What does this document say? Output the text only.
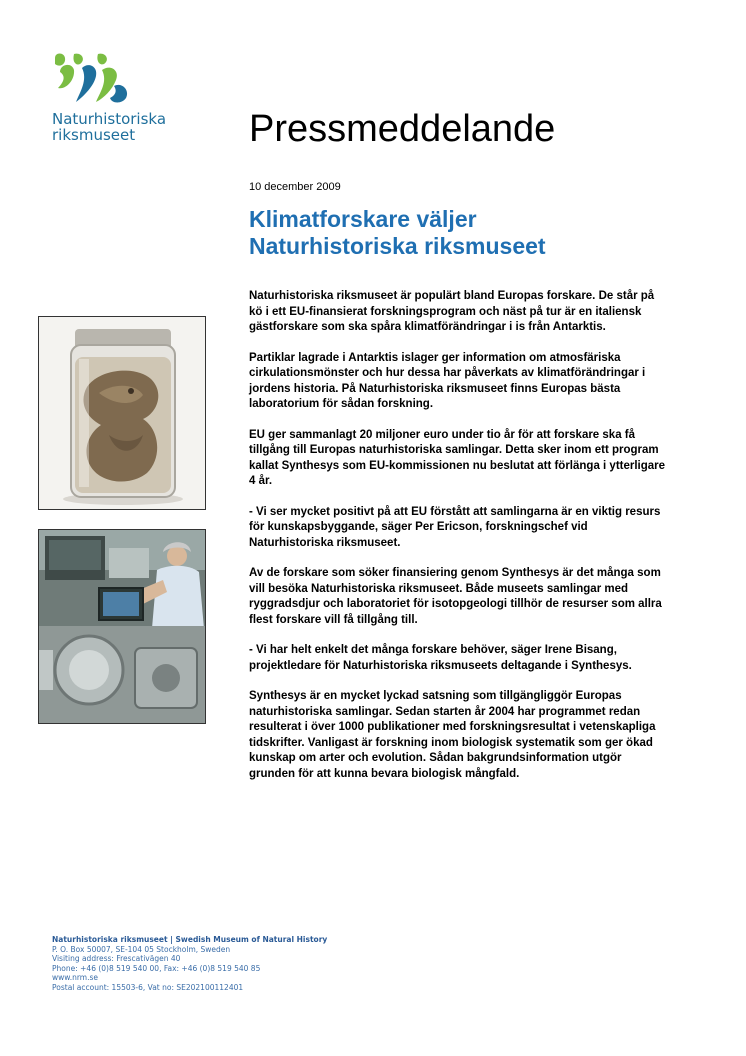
Naturhistoriska
riksmuseet	Pressmeddelande
10 december 2009
Klimatforskare väljer
Naturhistoriska riksmuseet

Naturhistoriska riksmuseet är populärt bland Europas forskare. De står på kö i ett EU-finansierat forskningsprogram och näst på tur är en italiensk gästforskare som ska spåra klimatförändringar i is från Antarktis.

Partiklar lagrade i Antarktis islager ger information om atmosfäriska cirkulationsmönster och hur dessa har påverkats av klimatförändringar i jordens historia. På Naturhistoriska riksmuseet finns Europas bästa laboratorium för sådan forskning.

EU ger sammanlagt 20 miljoner euro under tio år för att forskare ska få tillgång till Europas naturhistoriska samlingar. Detta sker inom ett program kallat Synthesys som EU-kommissionen nu beslutat att förlänga i ytterligare 4 år.

- Vi ser mycket positivt på att EU förstått att samlingarna är en viktig resurs för kunskapsbyggande, säger Per Ericson, forskningschef vid Naturhistoriska riksmuseet.

Av de forskare som söker finansiering genom Synthesys är det många som vill besöka Naturhistoriska riksmuseet. Både museets samlingar med ryggradsdjur och laboratoriet för isotopgeologi tillhör de resurser som allra flest forskare vill få tillgång till.

- Vi har helt enkelt det många forskare behöver, säger Irene Bisang, projektledare för Naturhistoriska riksmuseets deltagande i Synthesys.

Synthesys är en mycket lyckad satsning som tillgängliggör Europas naturhistoriska samlingar. Sedan starten år 2004 har programmet redan resulterat i över 1000 publikationer med forskningsresultat i vetenskapliga tidskrifter. Vanligast är forskning inom biologisk systematik som ger ökad kunskap om arter och evolution. Sådan bakgrundsinformation utgör grunden för att kunna bevara biologisk mångfald.

Naturhistoriska riksmuseet | Swedish Museum of Natural History
P. O. Box 50007, SE-104 05 Stockholm, Sweden
Visiting address: Frescativägen 40
Phone: +46 (0)8 519 540 00, Fax: +46 (0)8 519 540 85
www.nrm.se
Postal account: 15503-6, Vat no: SE202100112401
